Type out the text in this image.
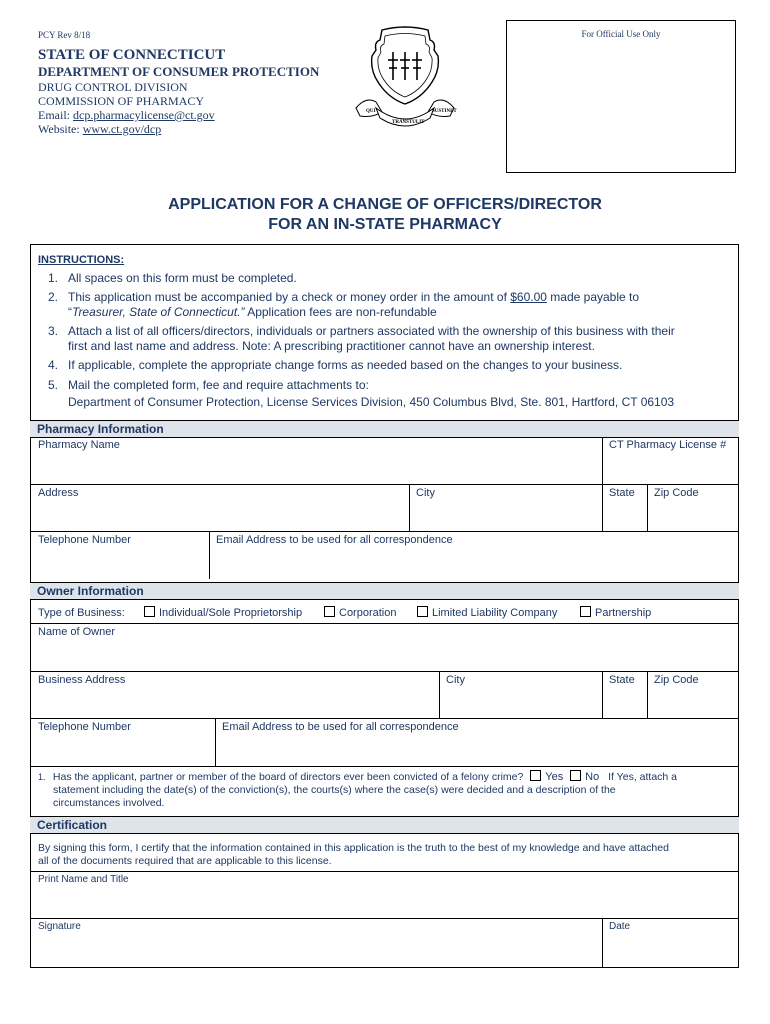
PCY Rev 8/18
STATE OF CONNECTICUT
DEPARTMENT OF CONSUMER PROTECTION
DRUG CONTROL DIVISION
COMMISSION OF PHARMACY
Email: dcp.pharmacylicense@ct.gov
Website: www.ct.gov/dcp
QUI
TRANSTULIT
SUSTINET
For Official Use Only
APPLICATION FOR A CHANGE OF OFFICERS/DIRECTOR
FOR AN IN-STATE PHARMACY
INSTRUCTIONS:
1. All spaces on this form must be completed.
2. This application must be accompanied by a check or money order in the amount of $60.00 made payable to
“Treasurer, State of Connecticut.” Application fees are non-refundable
3. Attach a list of all officers/directors, individuals or partners associated with the ownership of this business with their
first and last name and address. Note: A prescribing practitioner cannot have an ownership interest.
4. If applicable, complete the appropriate change forms as needed based on the changes to your business.
5. Mail the completed form, fee and require attachments to:
Department of Consumer Protection, License Services Division, 450 Columbus Blvd, Ste. 801, Hartford, CT 06103
Pharmacy Information
Pharmacy Name	CT Pharmacy License #
Address	City	State Zip Code
Telephone Number	Email Address to be used for all correspondence
Owner Information
Type of Business:	Individual/Sole Proprietorship	Corporation	Limited Liability Company	Partnership
Name of Owner
Business Address	City	State Zip Code
Telephone Number	Email Address to be used for all correspondence
1. Has the applicant, partner or member of the board of directors ever been convicted of a felony crime? Yes No If Yes, attach a
statement including the date(s) of the conviction(s), the courts(s) where the case(s) were decided and a description of the
circumstances involved.
Certification
By signing this form, I certify that the information contained in this application is the truth to the best of my knowledge and have attached
all of the documents required that are applicable to this license.
Print Name and Title
Signature	Date
